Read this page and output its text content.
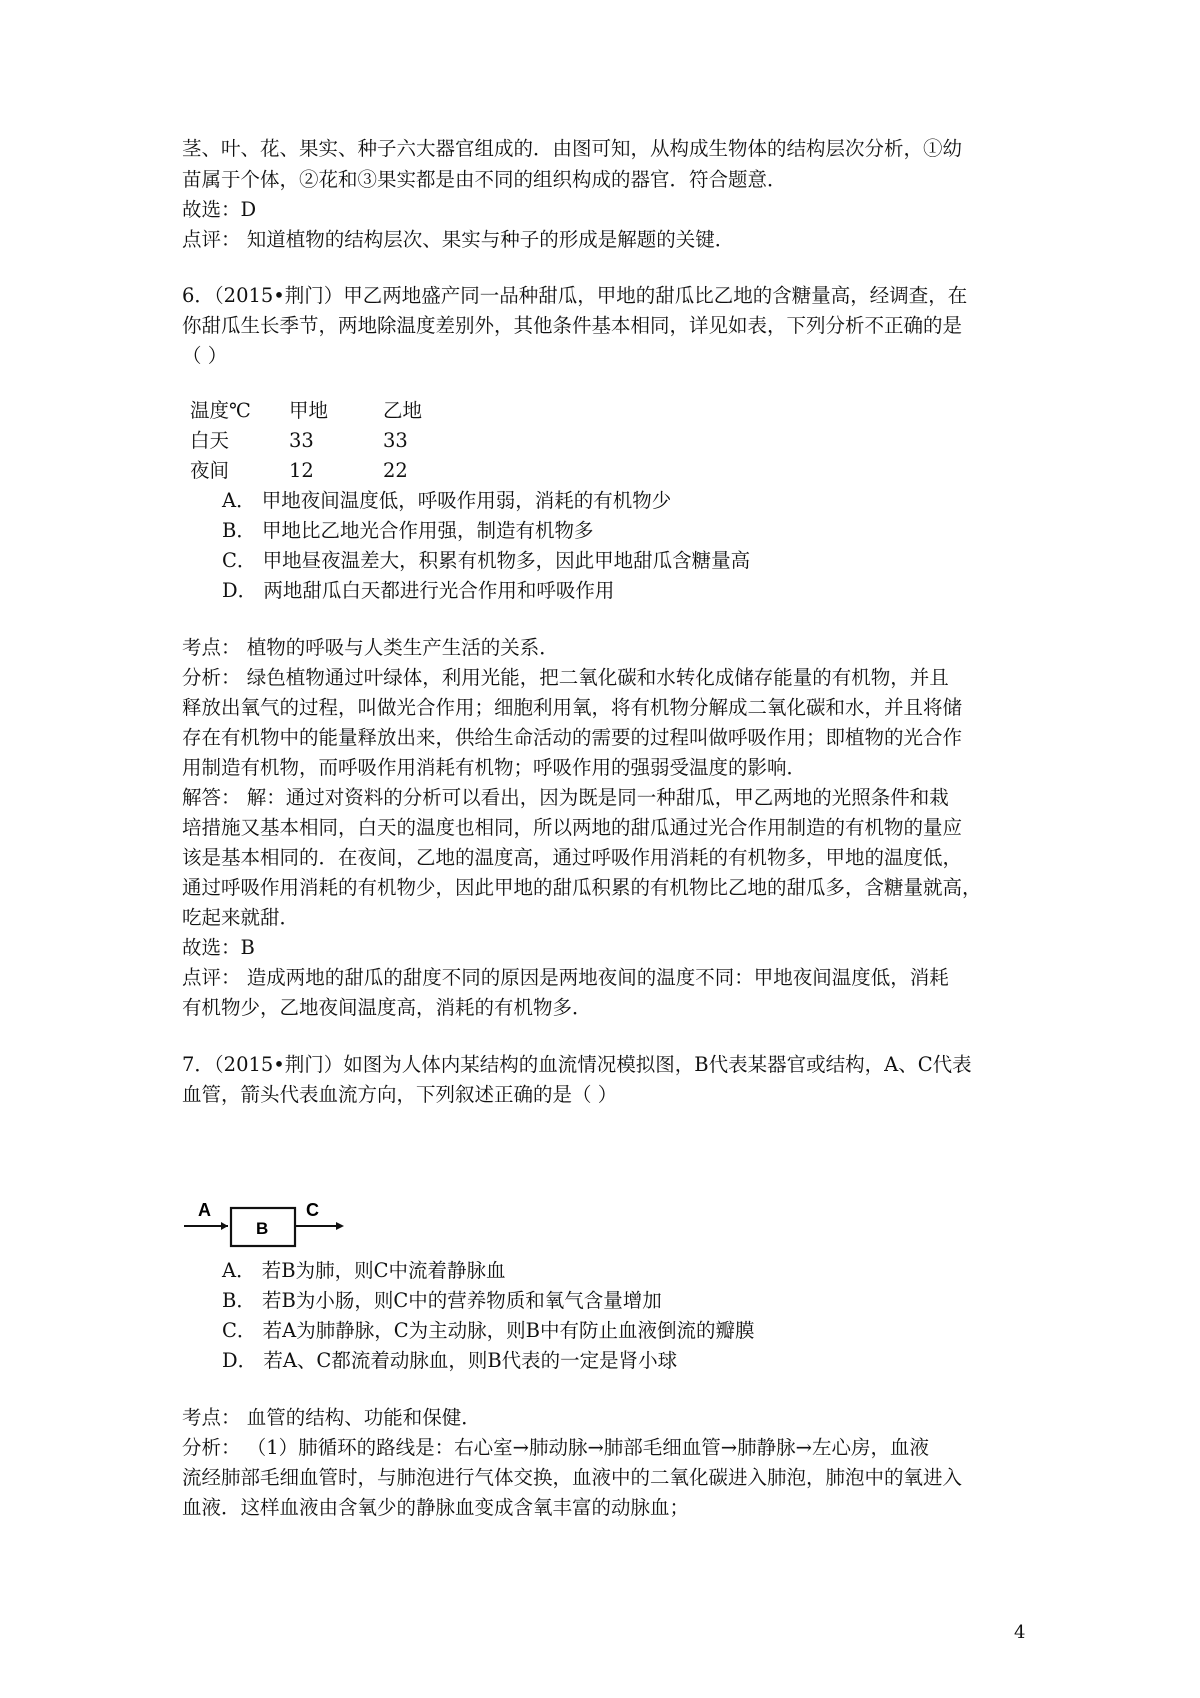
茎、叶、花、果实、种子六大器官组成的．由图可知，从构成生物体的结构层次分析，①幼
苗属于个体，②花和③果实都是由不同的组织构成的器官．符合题意．
故选：D
点评： 知道植物的结构层次、果实与种子的形成是解题的关键．
6．（2015•荆门）甲乙两地盛产同一品种甜瓜，甲地的甜瓜比乙地的含糖量高，经调查，在
你甜瓜生长季节，两地除温度差别外，其他条件基本相同，详见如表，下列分析不正确的是
（ ）
温度℃ 甲地	乙地
白天	33	33
夜间	12	22
A． 甲地夜间温度低，呼吸作用弱，消耗的有机物少
B． 甲地比乙地光合作用强，制造有机物多
C． 甲地昼夜温差大，积累有机物多，因此甲地甜瓜含糖量高
D． 两地甜瓜白天都进行光合作用和呼吸作用
考点： 植物的呼吸与人类生产生活的关系．
分析： 绿色植物通过叶绿体，利用光能，把二氧化碳和水转化成储存能量的有机物，并且
释放出氧气的过程，叫做光合作用；细胞利用氧，将有机物分解成二氧化碳和水，并且将储
存在有机物中的能量释放出来，供给生命活动的需要的过程叫做呼吸作用；即植物的光合作
用制造有机物，而呼吸作用消耗有机物；呼吸作用的强弱受温度的影响．
解答： 解：通过对资料的分析可以看出，因为既是同一种甜瓜，甲乙两地的光照条件和栽
培措施又基本相同，白天的温度也相同，所以两地的甜瓜通过光合作用制造的有机物的量应
该是基本相同的．在夜间，乙地的温度高，通过呼吸作用消耗的有机物多，甲地的温度低，
通过呼吸作用消耗的有机物少，因此甲地的甜瓜积累的有机物比乙地的甜瓜多，含糖量就高，
吃起来就甜．
故选：B
点评： 造成两地的甜瓜的甜度不同的原因是两地夜间的温度不同：甲地夜间温度低，消耗
有机物少，乙地夜间温度高，消耗的有机物多．
7．（2015•荆门）如图为人体内某结构的血流情况模拟图，B代表某器官或结构，A、C代表
血管，箭头代表血流方向，下列叙述正确的是（ ）
A
B
C
A． 若B为肺，则C中流着静脉血
B． 若B为小肠，则C中的营养物质和氧气含量增加
C． 若A为肺静脉，C为主动脉，则B中有防止血液倒流的瓣膜
D． 若A、C都流着动脉血，则B代表的一定是肾小球
考点： 血管的结构、功能和保健．
分析： （1）肺循环的路线是：右心室→肺动脉→肺部毛细血管→肺静脉→左心房，血液
流经肺部毛细血管时，与肺泡进行气体交换，血液中的二氧化碳进入肺泡，肺泡中的氧进入
血液．这样血液由含氧少的静脉血变成含氧丰富的动脉血；
4
